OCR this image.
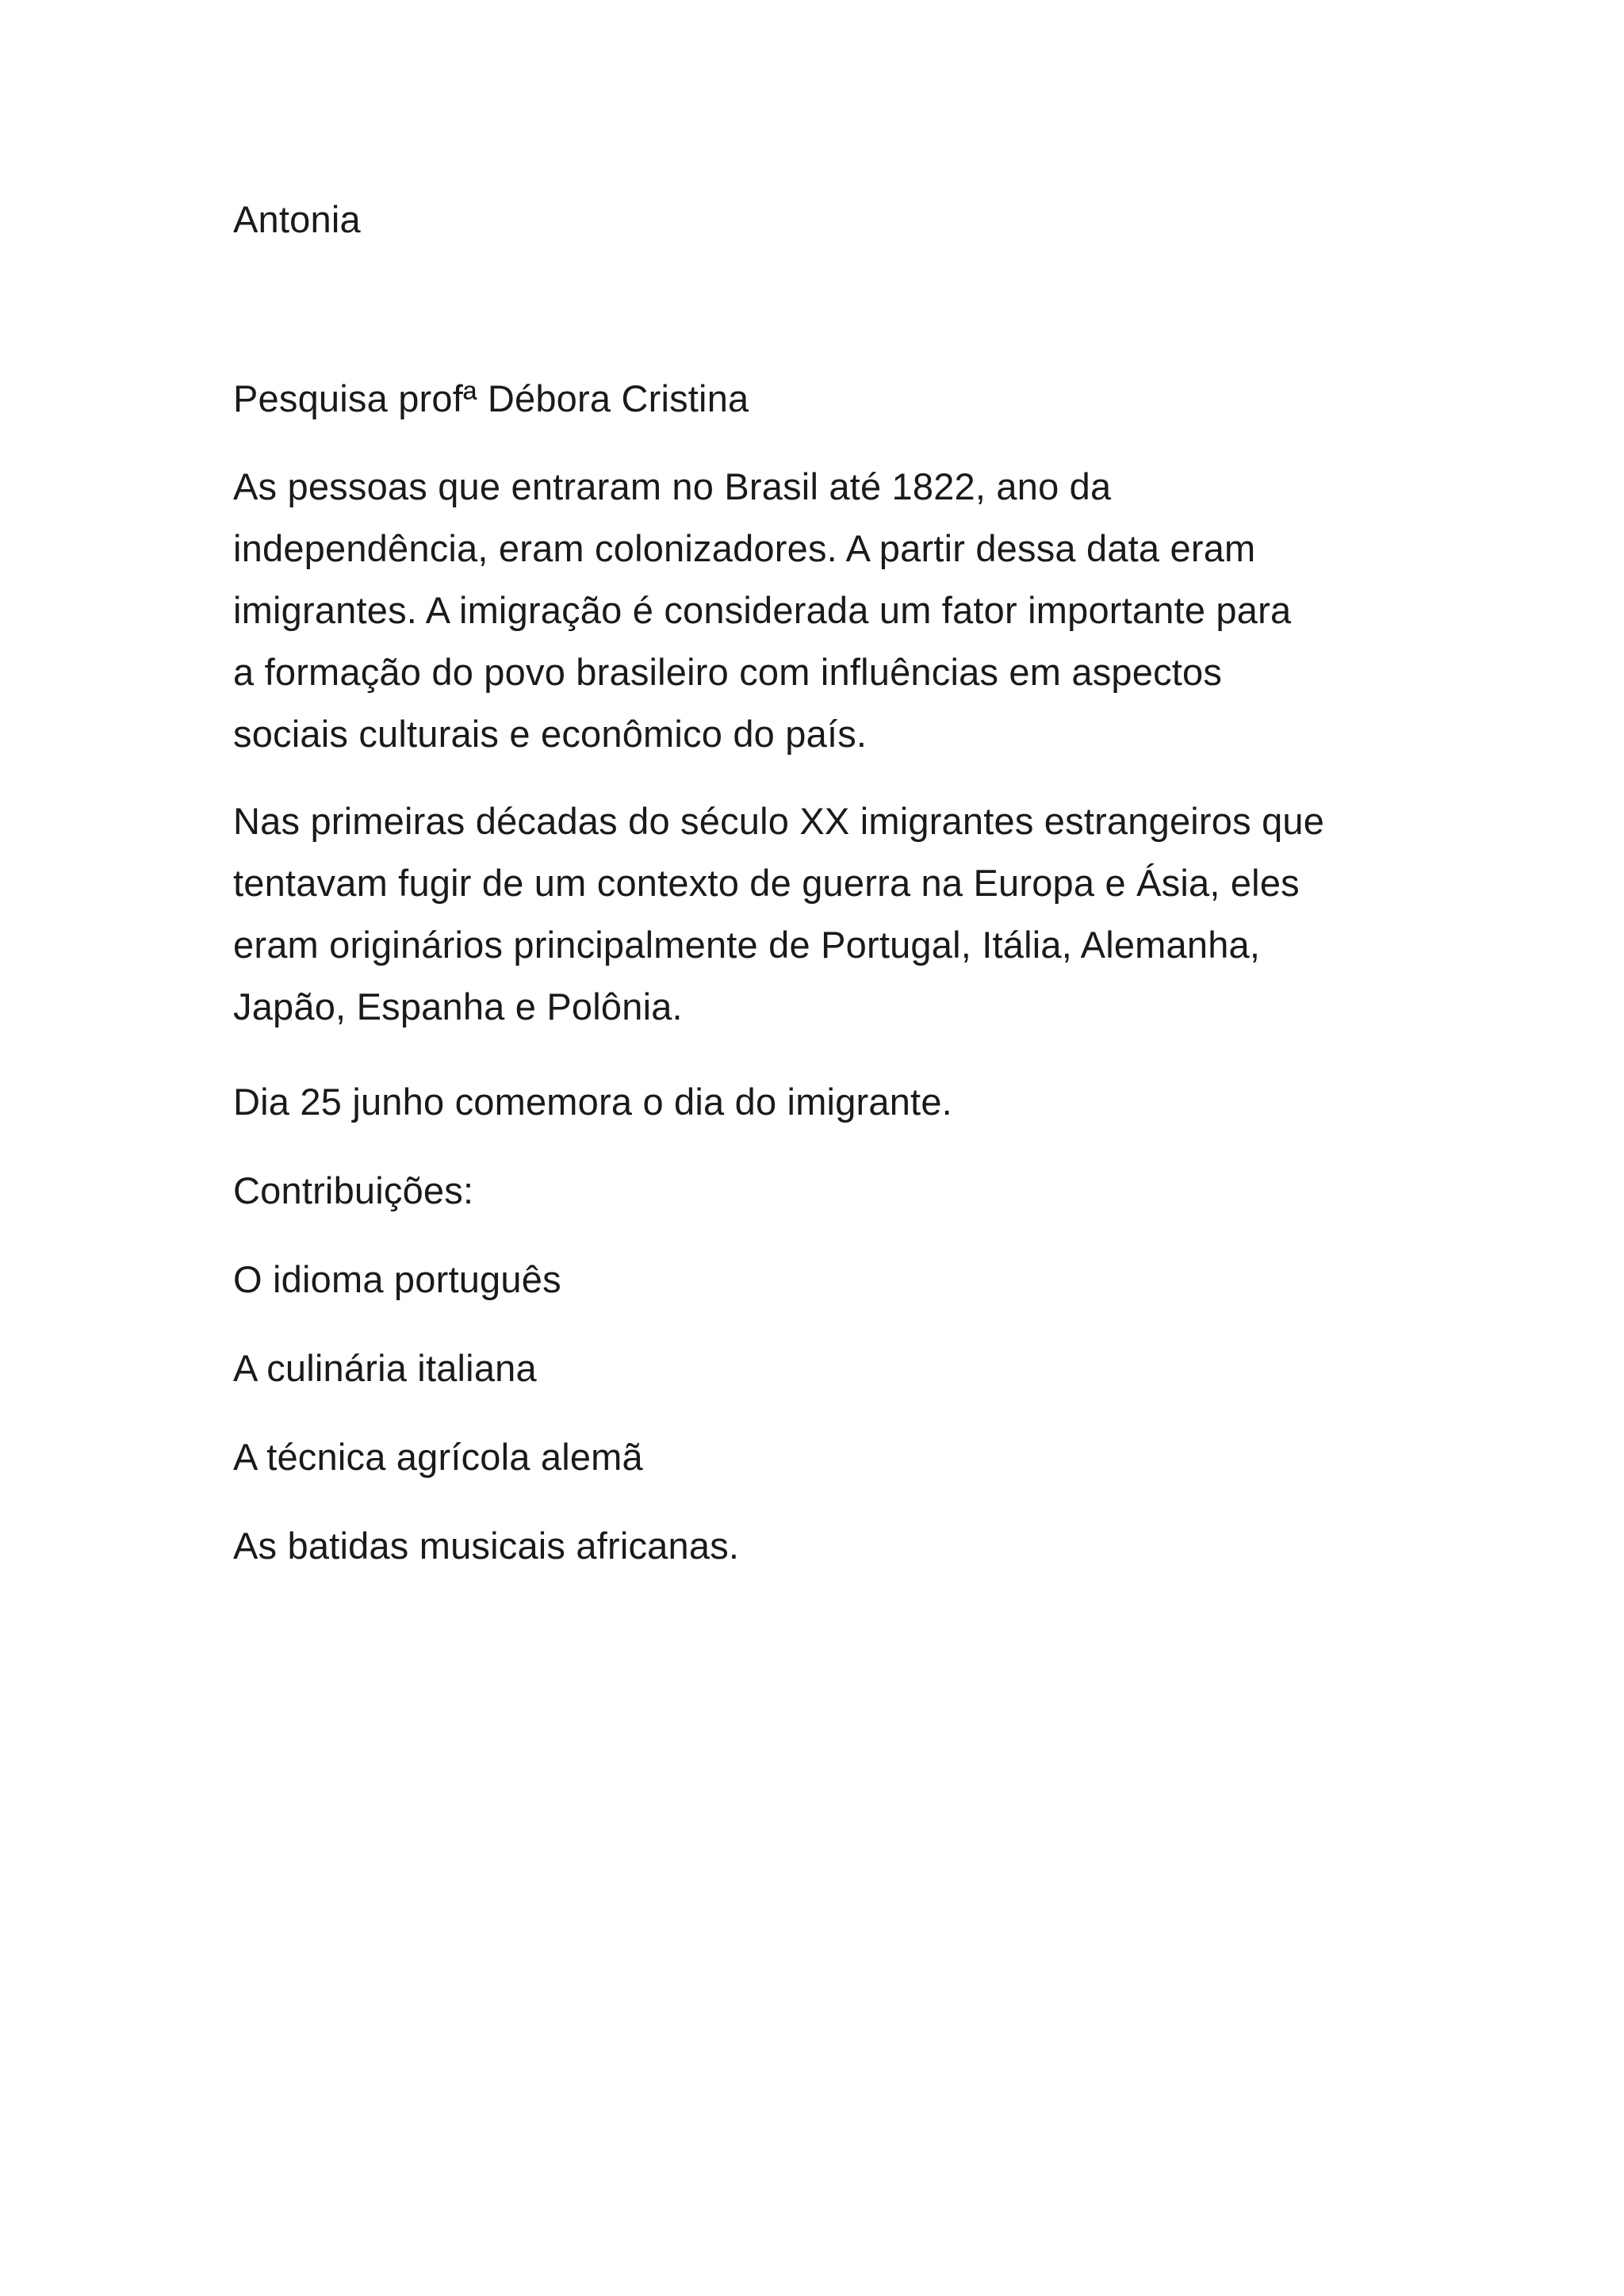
Antonia
Pesquisa profª Débora Cristina
As pessoas que entraram no Brasil até 1822, ano da
independência, eram colonizadores. A partir dessa data eram
imigrantes. A imigração é considerada um fator importante para
a formação do povo brasileiro com influências em aspectos
sociais culturais e econômico do país.
Nas primeiras décadas do século XX imigrantes estrangeiros que
tentavam fugir de um contexto de guerra na Europa e Ásia, eles
eram originários principalmente de Portugal, Itália, Alemanha,
Japão, Espanha e Polônia.
Dia 25 junho comemora o dia do imigrante.
Contribuições:
O idioma português
A culinária italiana
A técnica agrícola alemã
As batidas musicais africanas.
